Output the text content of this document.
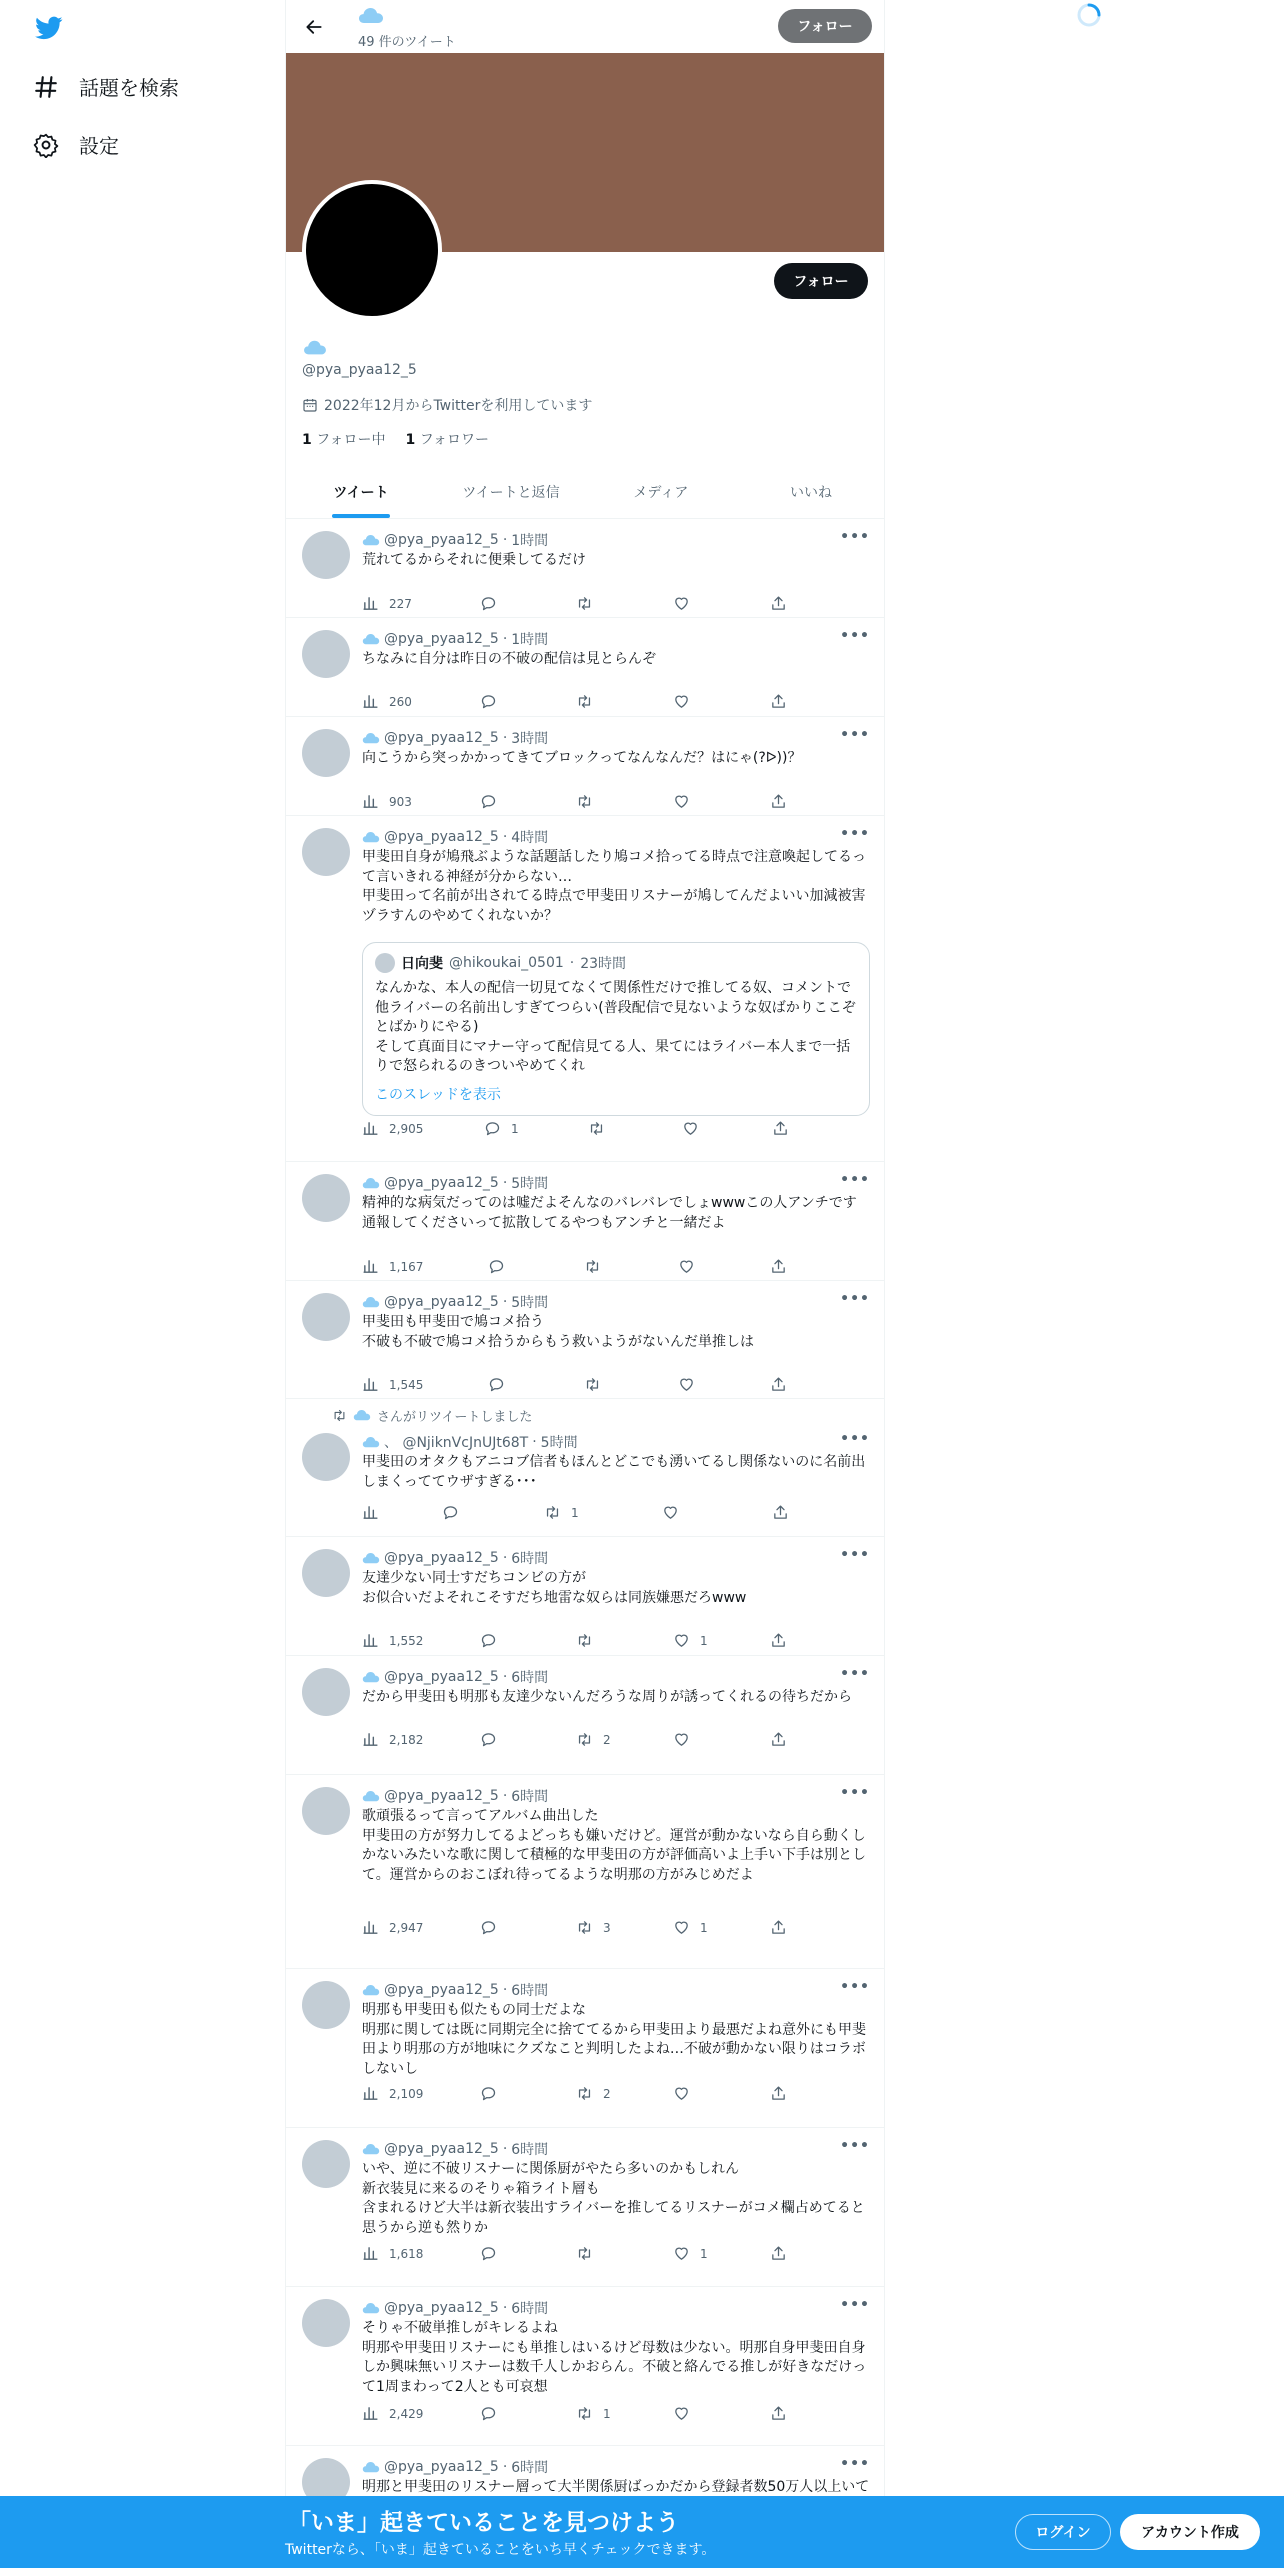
話題を検索
設定
49 件のツイート
フォロー
フォロー
@pya_pyaa12_5
2022年12月からTwitterを利用しています
1 フォロー中 1 フォロワー
ツイート	ツイートと返信	メディア	いいね
@pya_pyaa12_5 · 1時間	•••
荒れてるからそれに便乗してるだけ
227
@pya_pyaa12_5 · 1時間	•••
ちなみに自分は昨日の不破の配信は見とらんぞ
260
@pya_pyaa12_5 · 3時間	•••
向こうから突っかかってきてブロックってなんなんだ？はにゃ(?ᐅ))？
903
@pya_pyaa12_5 · 4時間	•••
甲斐田自身が鳩飛ぶような話題話したり鳩コメ拾ってる時点で注意喚起してるって言いきれる神経が分からない…
甲斐田って名前が出されてる時点で甲斐田リスナーが鳩してんだよいい加減被害ヅラすんのやめてくれないか？
日向斐 @hikoukai_0501 · 23時間
なんかな、本人の配信一切見てなくて関係性だけで推してる奴、コメントで他ライバーの名前出しすぎてつらい(普段配信で見ないような奴ばかりここぞとばかりにやる)
そして真面目にマナー守って配信見てる人、果てにはライバー本人まで一括りで怒られるのきついやめてくれ
このスレッドを表示
2,905	1
@pya_pyaa12_5 · 5時間	•••
精神的な病気だってのは嘘だよそんなのバレバレでしょwwwこの人アンチです通報してくださいって拡散してるやつもアンチと一緒だよ
1,167
@pya_pyaa12_5 · 5時間	•••
甲斐田も甲斐田で鳩コメ拾う
不破も不破で鳩コメ拾うからもう救いようがないんだ単推しは
1,545
さんがリツイートしました
、 @NjiknVcJnUJt68T · 5時間	•••
甲斐田のオタクもアニコブ信者もほんとどこでも湧いてるし関係ないのに名前出しまくっててウザすぎる･･･
1
@pya_pyaa12_5 · 6時間	•••
友達少ない同士すだちコンビの方が
お似合いだよそれこそすだち地雷な奴らは同族嫌悪だろwww
1,552	1
@pya_pyaa12_5 · 6時間	•••
だから甲斐田も明那も友達少ないんだろうな周りが誘ってくれるの待ちだから
2,182	2
@pya_pyaa12_5 · 6時間	•••
歌頑張るって言ってアルバム曲出した
甲斐田の方が努力してるよどっちも嫌いだけど。運営が動かないなら自ら動くしかないみたいな歌に関して積極的な甲斐田の方が評価高いよ上手い下手は別として。運営からのおこぼれ待ってるような明那の方がみじめだよ
2,947	3	1
@pya_pyaa12_5 · 6時間	•••
明那も甲斐田も似たもの同士だよな
明那に関しては既に同期完全に捨ててるから甲斐田より最悪だよね意外にも甲斐田より明那の方が地味にクズなこと判明したよね…不破が動かない限りはコラボしないし
2,109	2
@pya_pyaa12_5 · 6時間	•••
いや、逆に不破リスナーに関係厨がやたら多いのかもしれん
新衣装見に来るのそりゃ箱ライト層も
含まれるけど大半は新衣装出すライバーを推してるリスナーがコメ欄占めてると思うから逆も然りか
1,618	1
@pya_pyaa12_5 · 6時間	•••
そりゃ不破単推しがキレるよね
明那や甲斐田リスナーにも単推しはいるけど母数は少ない。明那自身甲斐田自身しか興味無いリスナーは数千人しかおらん。不破と絡んでる推しが好きなだけって1周まわって2人とも可哀想
2,429	1
@pya_pyaa12_5 · 6時間	•••
明那と甲斐田のリスナー層って大半関係厨ばっかだから登録者数50万人以上いて
「いま」起きていることを見つけよう
Twitterなら、「いま」起きていることをいち早くチェックできます。
ログイン	アカウント作成
